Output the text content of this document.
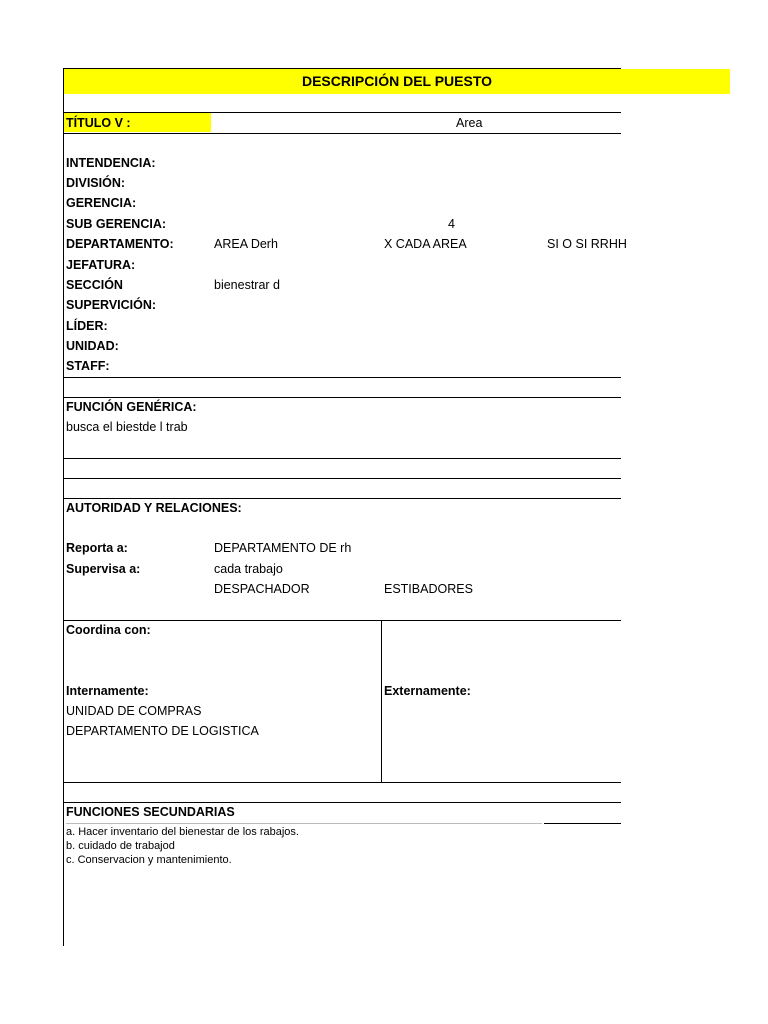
DESCRIPCIÓN DEL PUESTO
TÍTULO V :	Area
INTENDENCIA:
DIVISIÓN:
GERENCIA:
SUB GERENCIA:	4
DEPARTAMENTO:	AREA Derh	X CADA AREA	SI O SI RRHH
JEFATURA:
SECCIÓN	bienestrar d
SUPERVICIÓN:
LÍDER:
UNIDAD:
STAFF:
FUNCIÓN GENÉRICA:
busca el biestde l trab
AUTORIDAD Y RELACIONES:
Reporta a:	DEPARTAMENTO DE rh
Supervisa a:	cada trabajo
DESPACHADOR	ESTIBADORES
Coordina con:
Internamente:
UNIDAD DE COMPRAS
DEPARTAMENTO DE LOGISTICA
Externamente:
FUNCIONES SECUNDARIAS
a. Hacer inventario del bienestar de los rabajos.
b. cuidado de trabajod
c. Conservacion y mantenimiento.
